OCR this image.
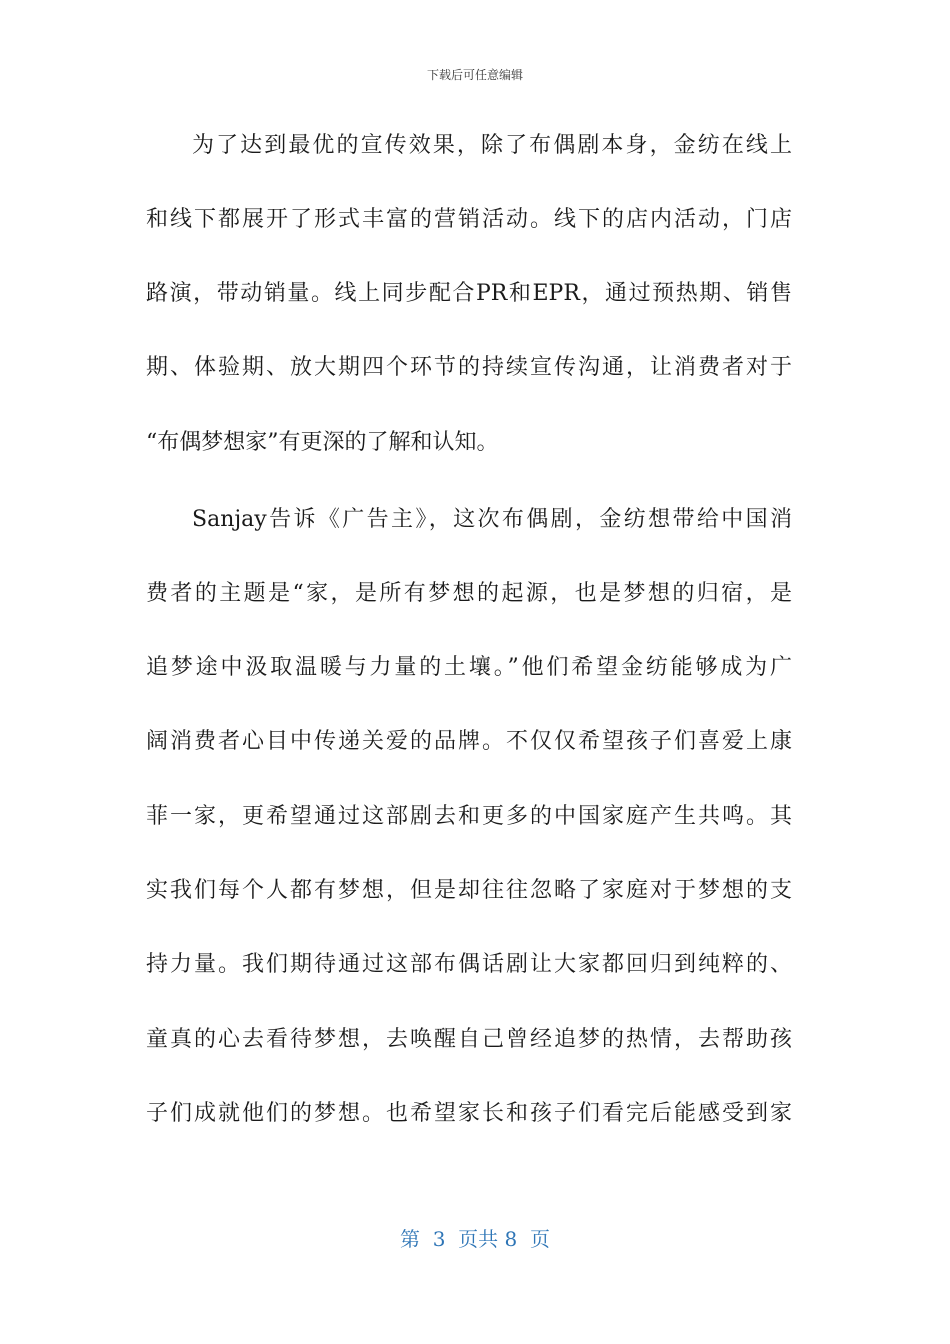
下载后可任意编辑
为了达到最优的宣传效果，除了布偶剧本身，金纺在线上
和线下都展开了形式丰富的营销活动。线下的店内活动，门店
路演，带动销量。线上同步配合PR和EPR，通过预热期、销售
期、体验期、放大期四个环节的持续宣传沟通，让消费者对于
“布偶梦想家”有更深的了解和认知。
Sanjay告诉《广告主》，这次布偶剧，金纺想带给中国消
费者的主题是“家，是所有梦想的起源，也是梦想的归宿，是
追梦途中汲取温暖与力量的土壤。”他们希望金纺能够成为广
阔消费者心目中传递关爱的品牌。不仅仅希望孩子们喜爱上康
菲一家，更希望通过这部剧去和更多的中国家庭产生共鸣。其
实我们每个人都有梦想，但是却往往忽略了家庭对于梦想的支
持力量。我们期待通过这部布偶话剧让大家都回归到纯粹的、
童真的心去看待梦想，去唤醒自己曾经追梦的热情，去帮助孩
子们成就他们的梦想。也希望家长和孩子们看完后能感受到家
第  3  页共 8  页
